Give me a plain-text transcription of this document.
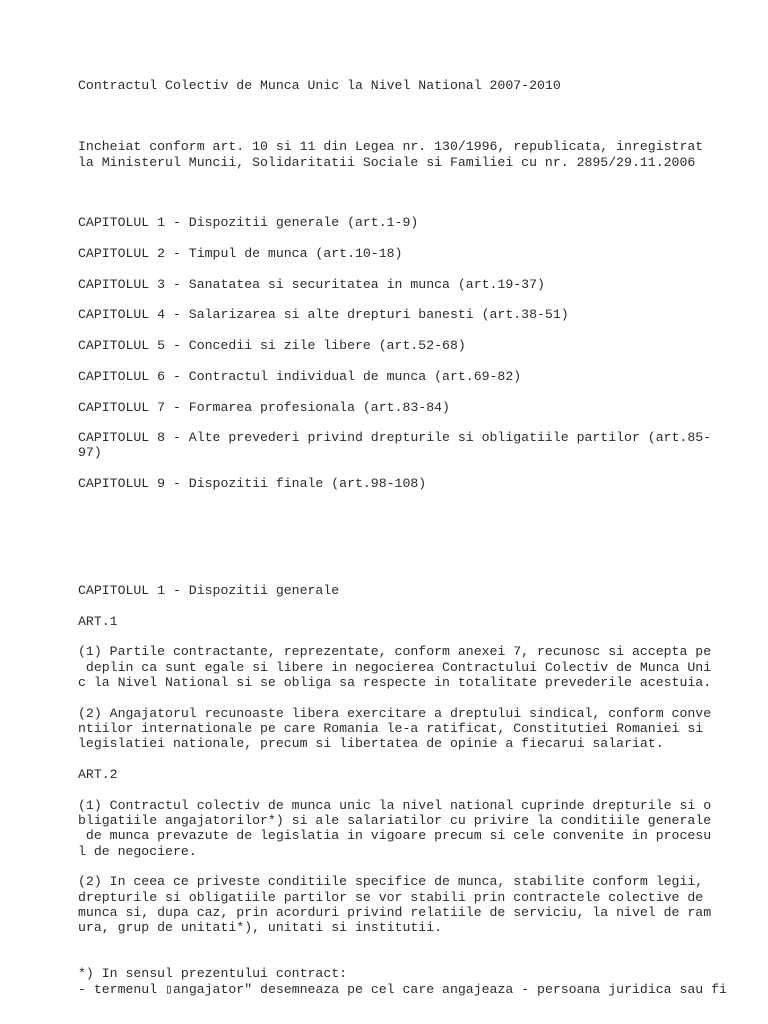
Contractul Colectiv de Munca Unic la Nivel National 2007-2010
Incheiat conform art. 10 si 11 din Legea nr. 130/1996, republicata, inregistrat
la Ministerul Muncii, Solidaritatii Sociale si Familiei cu nr. 2895/29.11.2006
CAPITOLUL 1 - Dispozitii generale (art.1-9)
CAPITOLUL 2 - Timpul de munca (art.10-18)
CAPITOLUL 3 - Sanatatea si securitatea in munca (art.19-37)
CAPITOLUL 4 - Salarizarea si alte drepturi banesti (art.38-51)
CAPITOLUL 5 - Concedii si zile libere (art.52-68)
CAPITOLUL 6 - Contractul individual de munca (art.69-82)
CAPITOLUL 7 - Formarea profesionala (art.83-84)
CAPITOLUL 8 - Alte prevederi privind drepturile si obligatiile partilor (art.85-
97)
CAPITOLUL 9 - Dispozitii finale (art.98-108)
CAPITOLUL 1 - Dispozitii generale
ART.1
(1) Partile contractante, reprezentate, conform anexei 7, recunosc si accepta pe
deplin ca sunt egale si libere in negocierea Contractului Colectiv de Munca Uni
c la Nivel National si se obliga sa respecte in totalitate prevederile acestuia.
(2) Angajatorul recunoaste libera exercitare a dreptului sindical, conform conve
ntiilor internationale pe care Romania le-a ratificat, Constitutiei Romaniei si
legislatiei nationale, precum si libertatea de opinie a fiecarui salariat.
ART.2
(1) Contractul colectiv de munca unic la nivel national cuprinde drepturile si o
bligatiile angajatorilor*) si ale salariatilor cu privire la conditiile generale
de munca prevazute de legislatia in vigoare precum si cele convenite in procesu
l de negociere.
(2) In ceea ce priveste conditiile specifice de munca, stabilite conform legii,
drepturile si obligatiile partilor se vor stabili prin contractele colective de
munca si, dupa caz, prin acorduri privind relatiile de serviciu, la nivel de ram
ura, grup de unitati*), unitati si institutii.
*) In sensul prezentului contract:
- termenul ▯angajator" desemneaza pe cel care angajeaza - persoana juridica sau fi
